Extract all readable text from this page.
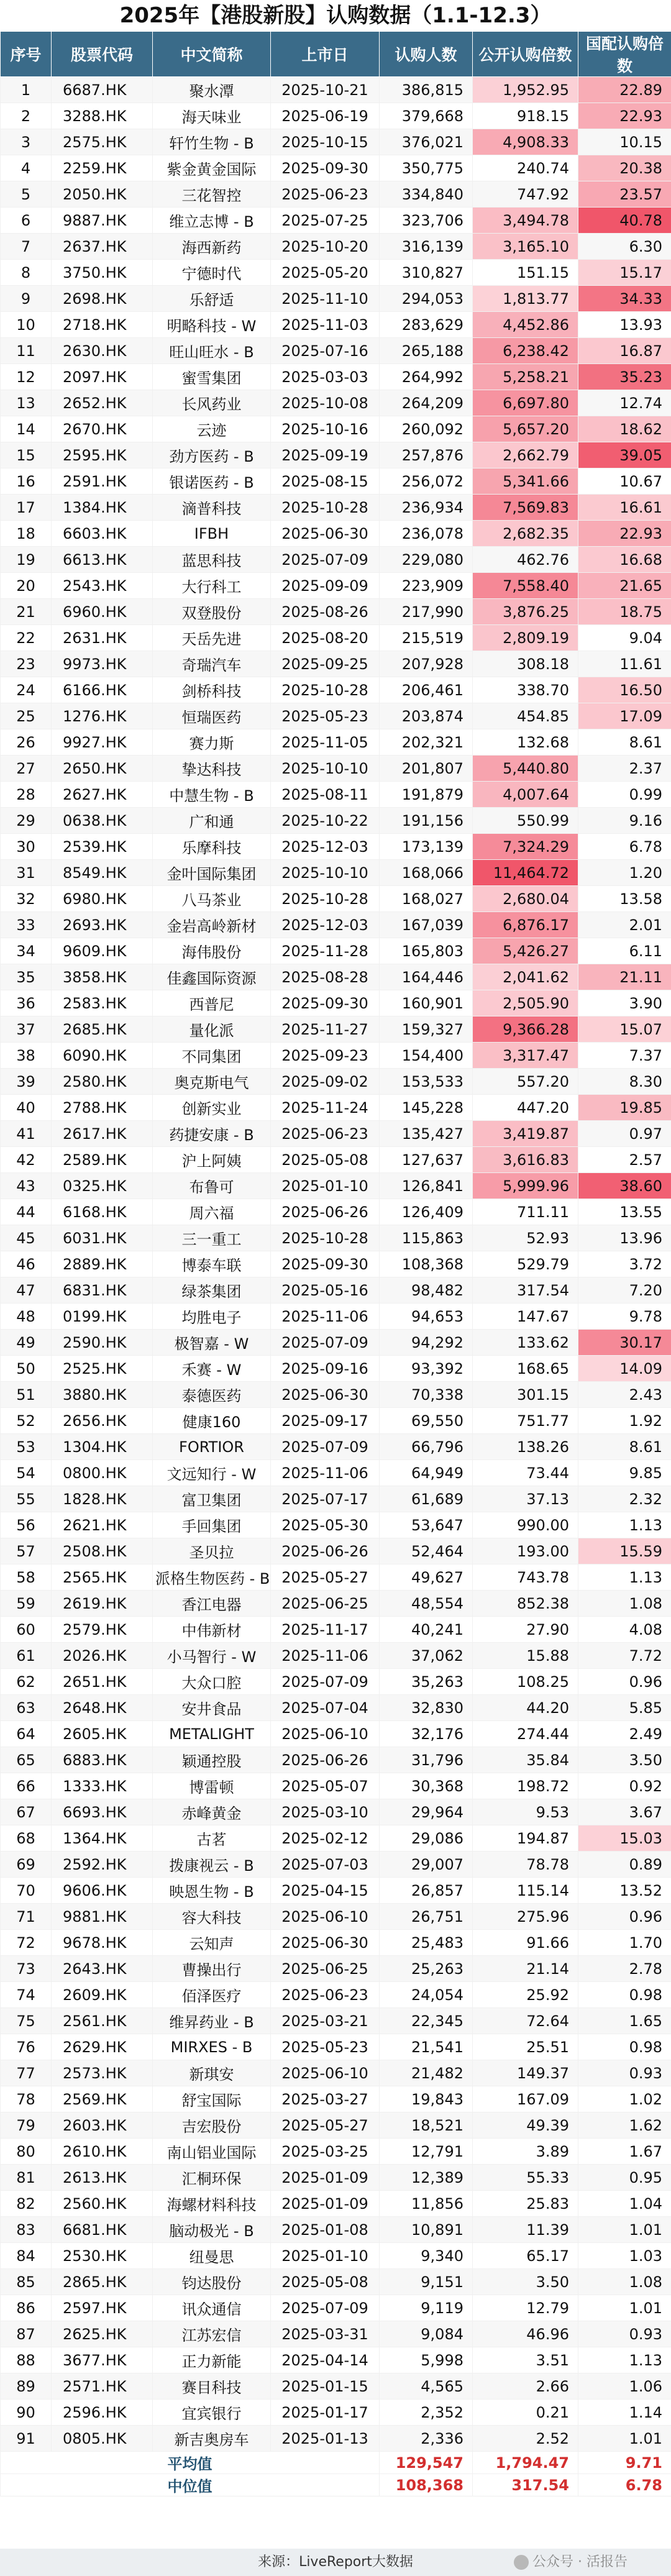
2025年【港股新股】认购数据（1.1-12.3）
序号	股票代码	中文简称	上市日	认购人数	公开认购倍数	国配认购倍数
1	6687.HK	聚水潭	2025-10-21	386,815	1,952.95	22.89
2	3288.HK	海天味业	2025-06-19	379,668	918.15	22.93
3	2575.HK	轩竹生物 - B	2025-10-15	376,021	4,908.33	10.15
4	2259.HK	紫金黄金国际	2025-09-30	350,775	240.74	20.38
5	2050.HK	三花智控	2025-06-23	334,840	747.92	23.57
6	9887.HK	维立志博 - B	2025-07-25	323,706	3,494.78	40.78
7	2637.HK	海西新药	2025-10-20	316,139	3,165.10	6.30
8	3750.HK	宁德时代	2025-05-20	310,827	151.15	15.17
9	2698.HK	乐舒适	2025-11-10	294,053	1,813.77	34.33
10	2718.HK	明略科技 - W	2025-11-03	283,629	4,452.86	13.93
11	2630.HK	旺山旺水 - B	2025-07-16	265,188	6,238.42	16.87
12	2097.HK	蜜雪集团	2025-03-03	264,992	5,258.21	35.23
13	2652.HK	长风药业	2025-10-08	264,209	6,697.80	12.74
14	2670.HK	云迹	2025-10-16	260,092	5,657.20	18.62
15	2595.HK	劲方医药 - B	2025-09-19	257,876	2,662.79	39.05
16	2591.HK	银诺医药 - B	2025-08-15	256,072	5,341.66	10.67
17	1384.HK	滴普科技	2025-10-28	236,934	7,569.83	16.61
18	6603.HK	IFBH	2025-06-30	236,078	2,682.35	22.93
19	6613.HK	蓝思科技	2025-07-09	229,080	462.76	16.68
20	2543.HK	大行科工	2025-09-09	223,909	7,558.40	21.65
21	6960.HK	双登股份	2025-08-26	217,990	3,876.25	18.75
22	2631.HK	天岳先进	2025-08-20	215,519	2,809.19	9.04
23	9973.HK	奇瑞汽车	2025-09-25	207,928	308.18	11.61
24	6166.HK	剑桥科技	2025-10-28	206,461	338.70	16.50
25	1276.HK	恒瑞医药	2025-05-23	203,874	454.85	17.09
26	9927.HK	赛力斯	2025-11-05	202,321	132.68	8.61
27	2650.HK	挚达科技	2025-10-10	201,807	5,440.80	2.37
28	2627.HK	中慧生物 - B	2025-08-11	191,879	4,007.64	0.99
29	0638.HK	广和通	2025-10-22	191,156	550.99	9.16
30	2539.HK	乐摩科技	2025-12-03	173,139	7,324.29	6.78
31	8549.HK	金叶国际集团	2025-10-10	168,066	11,464.72	1.20
32	6980.HK	八马茶业	2025-10-28	168,027	2,680.04	13.58
33	2693.HK	金岩高岭新材	2025-12-03	167,039	6,876.17	2.01
34	9609.HK	海伟股份	2025-11-28	165,803	5,426.27	6.11
35	3858.HK	佳鑫国际资源	2025-08-28	164,446	2,041.62	21.11
36	2583.HK	西普尼	2025-09-30	160,901	2,505.90	3.90
37	2685.HK	量化派	2025-11-27	159,327	9,366.28	15.07
38	6090.HK	不同集团	2025-09-23	154,400	3,317.47	7.37
39	2580.HK	奥克斯电气	2025-09-02	153,533	557.20	8.30
40	2788.HK	创新实业	2025-11-24	145,228	447.20	19.85
41	2617.HK	药捷安康 - B	2025-06-23	135,427	3,419.87	0.97
42	2589.HK	沪上阿姨	2025-05-08	127,637	3,616.83	2.57
43	0325.HK	布鲁可	2025-01-10	126,841	5,999.96	38.60
44	6168.HK	周六福	2025-06-26	126,409	711.11	13.55
45	6031.HK	三一重工	2025-10-28	115,863	52.93	13.96
46	2889.HK	博泰车联	2025-09-30	108,368	529.79	3.72
47	6831.HK	绿茶集团	2025-05-16	98,482	317.54	7.20
48	0199.HK	均胜电子	2025-11-06	94,653	147.67	9.78
49	2590.HK	极智嘉 - W	2025-07-09	94,292	133.62	30.17
50	2525.HK	禾赛 - W	2025-09-16	93,392	168.65	14.09
51	3880.HK	泰德医药	2025-06-30	70,338	301.15	2.43
52	2656.HK	健康160	2025-09-17	69,550	751.77	1.92
53	1304.HK	FORTIOR	2025-07-09	66,796	138.26	8.61
54	0800.HK	文远知行 - W	2025-11-06	64,949	73.44	9.85
55	1828.HK	富卫集团	2025-07-17	61,689	37.13	2.32
56	2621.HK	手回集团	2025-05-30	53,647	990.00	1.13
57	2508.HK	圣贝拉	2025-06-26	52,464	193.00	15.59
58	2565.HK	派格生物医药 - B	2025-05-27	49,627	743.78	1.13
59	2619.HK	香江电器	2025-06-25	48,554	852.38	1.08
60	2579.HK	中伟新材	2025-11-17	40,241	27.90	4.08
61	2026.HK	小马智行 - W	2025-11-06	37,062	15.88	7.72
62	2651.HK	大众口腔	2025-07-09	35,263	108.25	0.96
63	2648.HK	安井食品	2025-07-04	32,830	44.20	5.85
64	2605.HK	METALIGHT	2025-06-10	32,176	274.44	2.49
65	6883.HK	颖通控股	2025-06-26	31,796	35.84	3.50
66	1333.HK	博雷顿	2025-05-07	30,368	198.72	0.92
67	6693.HK	赤峰黄金	2025-03-10	29,964	9.53	3.67
68	1364.HK	古茗	2025-02-12	29,086	194.87	15.03
69	2592.HK	拨康视云 - B	2025-07-03	29,007	78.78	0.89
70	9606.HK	映恩生物 - B	2025-04-15	26,857	115.14	13.52
71	9881.HK	容大科技	2025-06-10	26,751	275.96	0.96
72	9678.HK	云知声	2025-06-30	25,483	91.66	1.70
73	2643.HK	曹操出行	2025-06-25	25,263	21.14	2.78
74	2609.HK	佰泽医疗	2025-06-23	24,054	25.92	0.98
75	2561.HK	维昇药业 - B	2025-03-21	22,345	72.64	1.65
76	2629.HK	MIRXES - B	2025-05-23	21,541	25.51	0.98
77	2573.HK	新琪安	2025-06-10	21,482	149.37	0.93
78	2569.HK	舒宝国际	2025-03-27	19,843	167.09	1.02
79	2603.HK	吉宏股份	2025-05-27	18,521	49.39	1.62
80	2610.HK	南山铝业国际	2025-03-25	12,791	3.89	1.67
81	2613.HK	汇桐环保	2025-01-09	12,389	55.33	0.95
82	2560.HK	海螺材料科技	2025-01-09	11,856	25.83	1.04
83	6681.HK	脑动极光 - B	2025-01-08	10,891	11.39	1.01
84	2530.HK	纽曼思	2025-01-10	9,340	65.17	1.03
85	2865.HK	钧达股份	2025-05-08	9,151	3.50	1.08
86	2597.HK	讯众通信	2025-07-09	9,119	12.79	1.01
87	2625.HK	江苏宏信	2025-03-31	9,084	46.96	0.93
88	3677.HK	正力新能	2025-04-14	5,998	3.51	1.13
89	2571.HK	赛目科技	2025-01-15	4,565	2.66	1.06
90	2596.HK	宜宾银行	2025-01-17	2,352	0.21	1.14
91	0805.HK	新吉奥房车	2025-01-13	2,336	2.52	1.01
平均值				129,547	1,794.47	9.71
中位值				108,368	317.54	6.78
来源：LiveReport大数据	公众号 · 活报告
